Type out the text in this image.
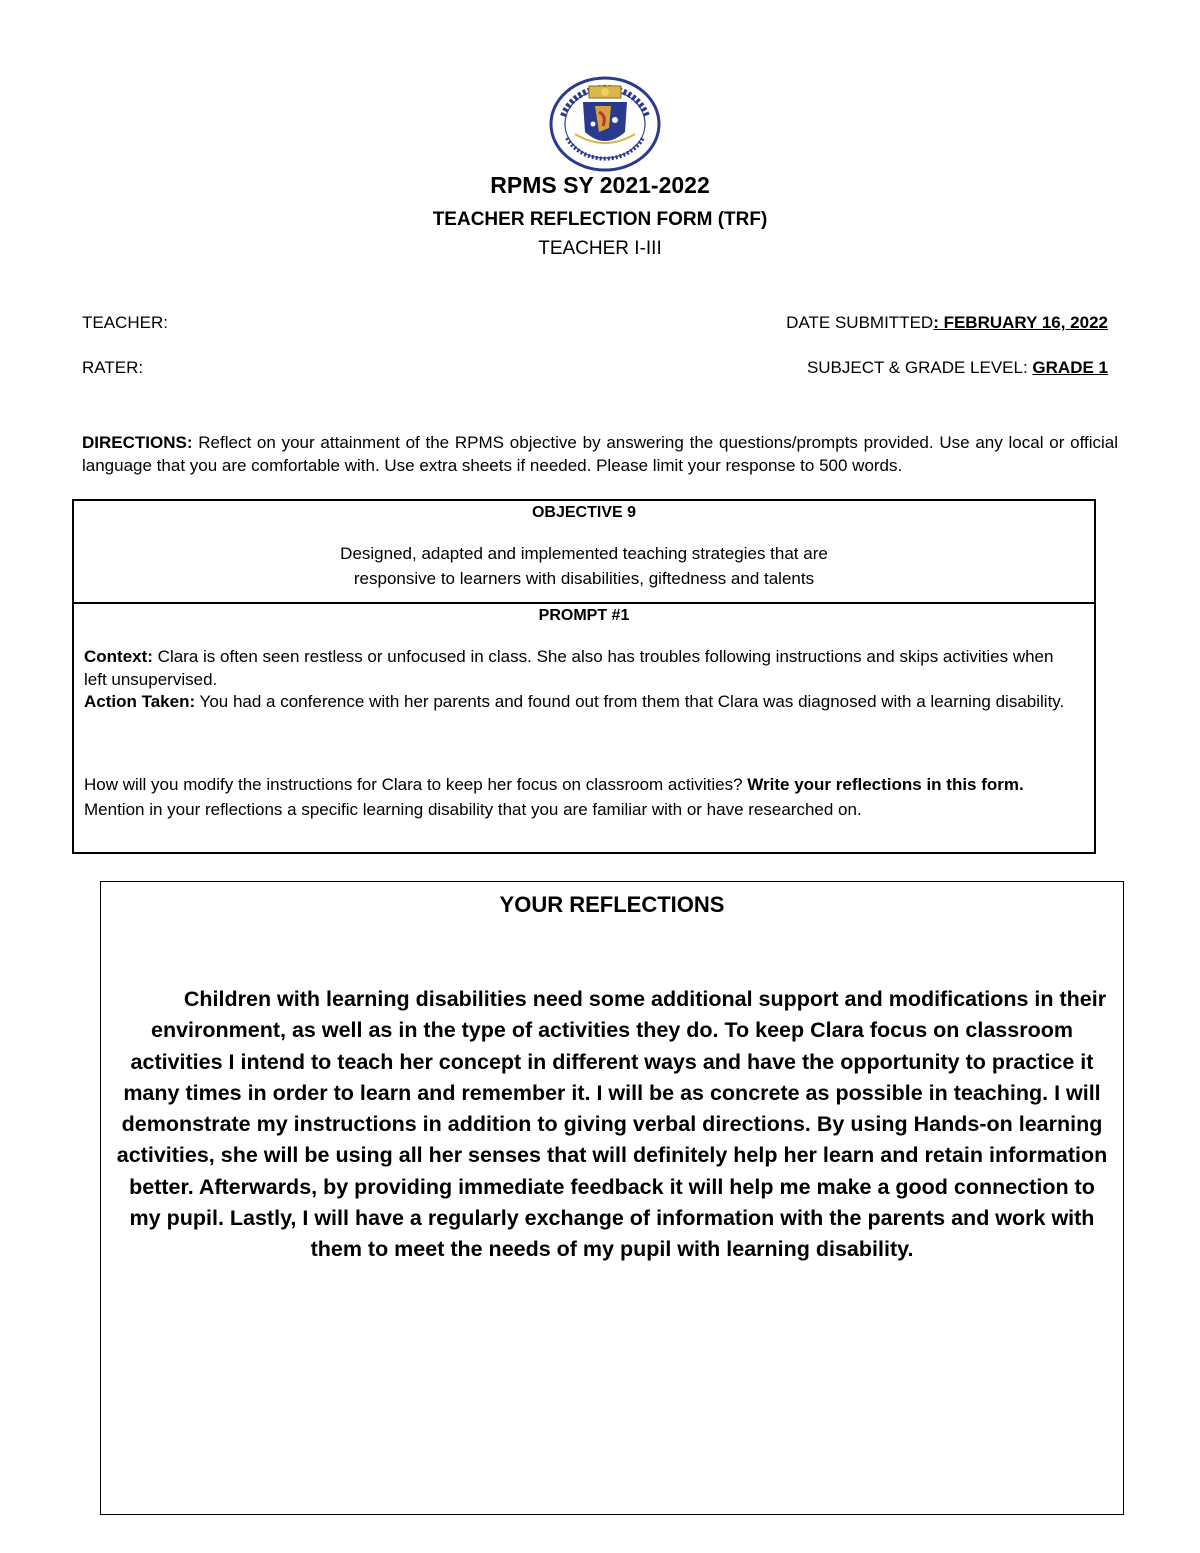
RPMS SY 2021-2022
TEACHER REFLECTION FORM (TRF)
TEACHER I-III
TEACHER:
RATER:
DATE SUBMITTED: FEBRUARY 16, 2022
SUBJECT & GRADE LEVEL: GRADE 1
DIRECTIONS: Reflect on your attainment of the RPMS objective by answering the questions/prompts provided. Use any local or official language that you are comfortable with. Use extra sheets if needed. Please limit your response to 500 words.
OBJECTIVE 9
Designed, adapted and implemented teaching strategies that are
responsive to learners with disabilities, giftedness and talents
PROMPT #1

Context: Clara is often seen restless or unfocused in class. She also has troubles following instructions and skips activities when left unsupervised.

Action Taken: You had a conference with her parents and found out from them that Clara was diagnosed with a learning disability.

How will you modify the instructions for Clara to keep her focus on classroom activities? Write your reflections in this form. Mention in your reflections a specific learning disability that you are familiar with or have researched on.

YOUR REFLECTIONS
Children with learning disabilities need some additional support and modifications in their environment, as well as in the type of activities they do. To keep Clara focus on classroom activities I intend to teach her concept in different ways and have the opportunity to practice it many times in order to learn and remember it. I will be as concrete as possible in teaching. I will demonstrate my instructions in addition to giving verbal directions. By using Hands-on learning activities, she will be using all her senses that will definitely help her learn and retain information better. Afterwards, by providing immediate feedback it will help me make a good connection to my pupil. Lastly, I will have a regularly exchange of information with the parents and work with them to meet the needs of my pupil with learning disability.
